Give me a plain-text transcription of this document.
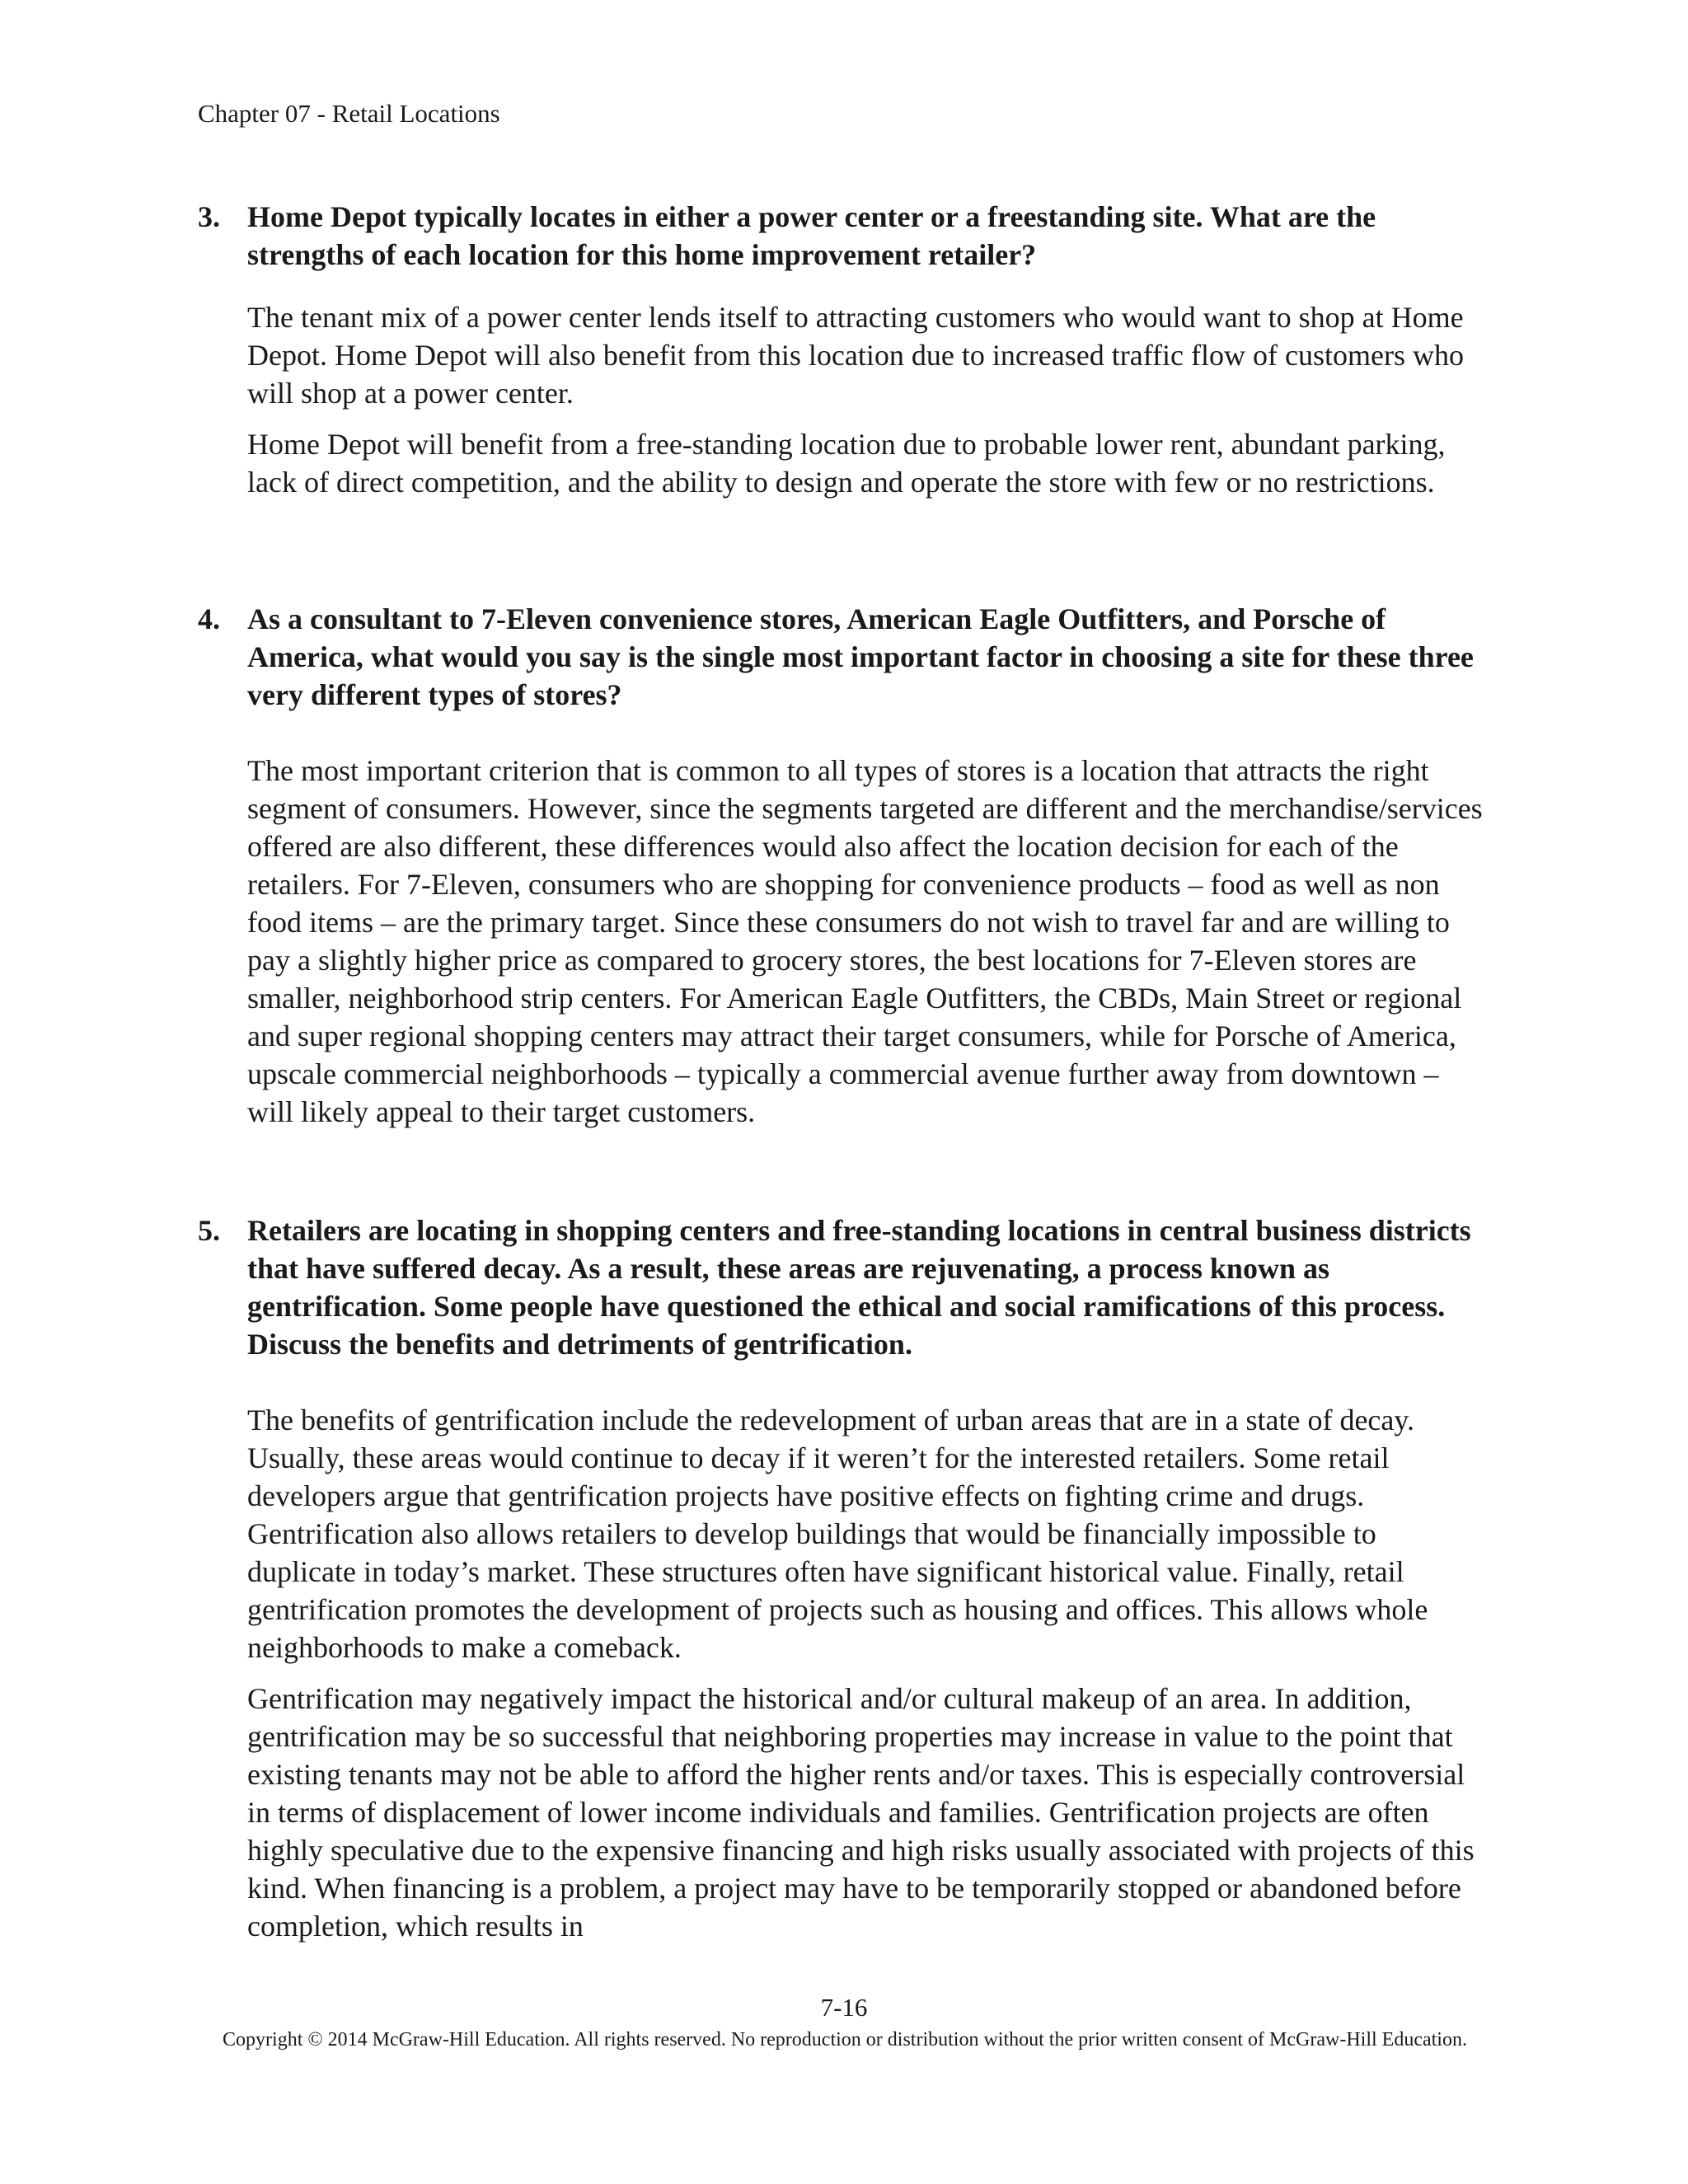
Chapter 07 - Retail Locations
3. Home Depot typically locates in either a power center or a freestanding site. What are the strengths of each location for this home improvement retailer?
The tenant mix of a power center lends itself to attracting customers who would want to shop at Home Depot. Home Depot will also benefit from this location due to increased traffic flow of customers who will shop at a power center.
Home Depot will benefit from a free-standing location due to probable lower rent, abundant parking, lack of direct competition, and the ability to design and operate the store with few or no restrictions.
4. As a consultant to 7-Eleven convenience stores, American Eagle Outfitters, and Porsche of America, what would you say is the single most important factor in choosing a site for these three very different types of stores?
The most important criterion that is common to all types of stores is a location that attracts the right segment of consumers. However, since the segments targeted are different and the merchandise/services offered are also different, these differences would also affect the location decision for each of the retailers. For 7-Eleven, consumers who are shopping for convenience products – food as well as non food items – are the primary target. Since these consumers do not wish to travel far and are willing to pay a slightly higher price as compared to grocery stores, the best locations for 7-Eleven stores are smaller, neighborhood strip centers. For American Eagle Outfitters, the CBDs, Main Street or regional and super regional shopping centers may attract their target consumers, while for Porsche of America, upscale commercial neighborhoods – typically a commercial avenue further away from downtown – will likely appeal to their target customers.
5. Retailers are locating in shopping centers and free-standing locations in central business districts that have suffered decay. As a result, these areas are rejuvenating, a process known as gentrification. Some people have questioned the ethical and social ramifications of this process. Discuss the benefits and detriments of gentrification.
The benefits of gentrification include the redevelopment of urban areas that are in a state of decay. Usually, these areas would continue to decay if it weren’t for the interested retailers. Some retail developers argue that gentrification projects have positive effects on fighting crime and drugs. Gentrification also allows retailers to develop buildings that would be financially impossible to duplicate in today’s market. These structures often have significant historical value. Finally, retail gentrification promotes the development of projects such as housing and offices. This allows whole neighborhoods to make a comeback.
Gentrification may negatively impact the historical and/or cultural makeup of an area. In addition, gentrification may be so successful that neighboring properties may increase in value to the point that existing tenants may not be able to afford the higher rents and/or taxes. This is especially controversial in terms of displacement of lower income individuals and families. Gentrification projects are often highly speculative due to the expensive financing and high risks usually associated with projects of this kind. When financing is a problem, a project may have to be temporarily stopped or abandoned before completion, which results in
7-16
Copyright © 2014 McGraw-Hill Education. All rights reserved. No reproduction or distribution without the prior written consent of McGraw-Hill Education.
